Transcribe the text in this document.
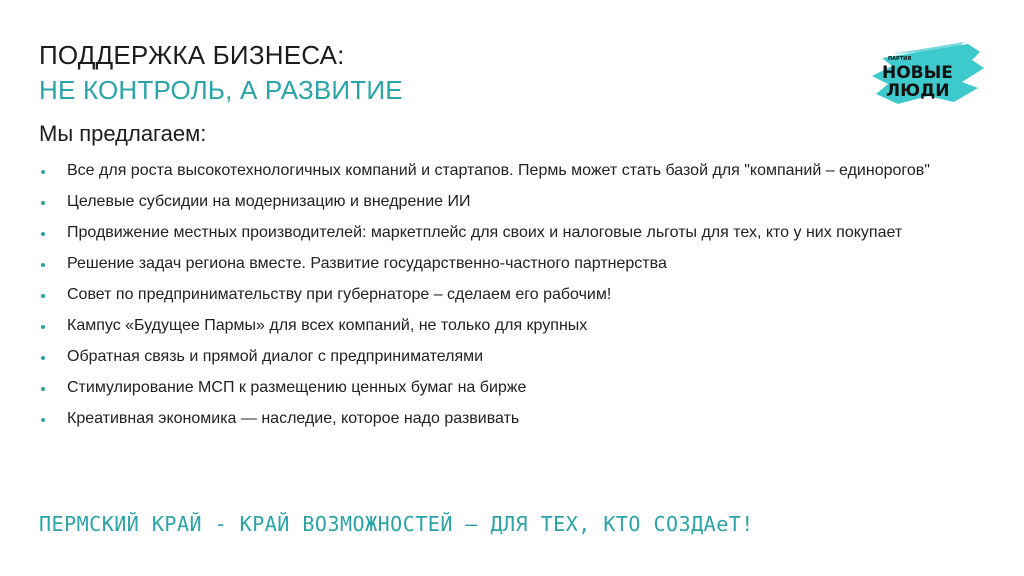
ПОДДЕРЖКА БИЗНЕСА:
НЕ КОНТРОЛЬ, А РАЗВИТИЕ
Мы предлагаем:
ПАРТИЯ
НОВЫЕ
ЛЮДИ
Все для роста высокотехнологичных компаний и стартапов. Пермь может стать базой для "компаний – единорогов"
Целевые субсидии на модернизацию и внедрение ИИ
Продвижение местных производителей: маркетплейс для своих и налоговые льготы для тех, кто у них покупает
Решение задач региона вместе. Развитие государственно-частного партнерства
Совет по предпринимательству при губернаторе – сделаем его рабочим!
Кампус «Будущее Пармы» для всех компаний, не только для крупных
Обратная связь и прямой диалог с предпринимателями
Стимулирование МСП к размещению ценных бумаг на бирже
Креативная экономика — наследие, которое надо развивать
ПЕРМСКИЙ КРАЙ - КРАЙ ВОЗМОЖНОСТЕЙ – ДЛЯ ТЕХ, КТО СОЗДАеТ!
